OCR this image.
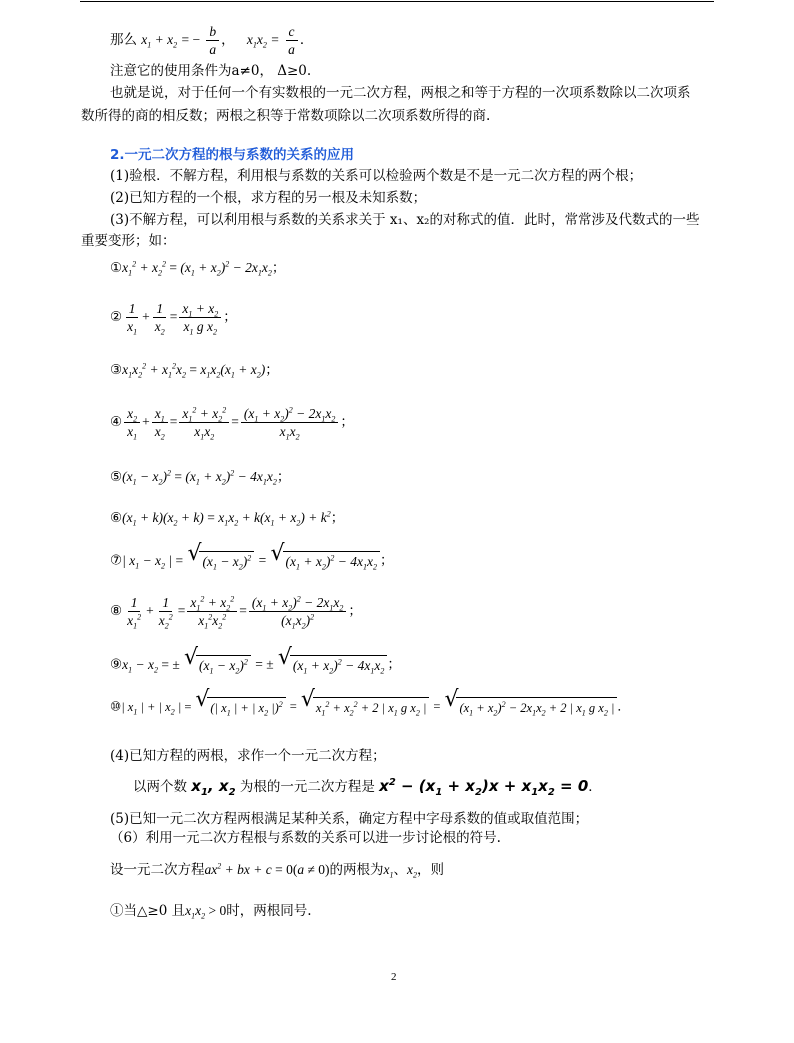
那么 $x_1 + x_2$ = − $\frac{b}{a}$ ， $x_1x_2 = \frac{c}{a}$ ．
注意它的使用条件为a≠0， Δ≥0.
也就是说，对于任何一个有实数根的一元二次方程，两根之和等于方程的一次项系数除以二次项系
数所得的商的相反数；两根之积等于常数项除以二次项系数所得的商.
2.一元二次方程的根与系数的关系的应用
(1)验根．不解方程，利用根与系数的关系可以检验两个数是不是一元二次方程的两个根；
(2)已知方程的一个根，求方程的另一根及未知系数；
(3)不解方程，可以利用根与系数的关系求关于 x₁、x₂的对称式的值．此时，常常涉及代数式的一些
重要变形；如：
$①x_1^2 + x_2^2 = (x_1 + x_2)^2 - 2x_1x_2$；
② $\frac{1}{x_1} + \frac{1}{x_2} = \frac{x_1 + x_2}{x_1 g x_2}$ ；
$③x_1x_2^2 + x_1^2x_2 = x_1x_2(x_1 + x_2)$；
④ $\frac{x_2}{x_1} + \frac{x_1}{x_2} = \frac{x_1^2 + x_2^2}{x_1x_2} = \frac{(x_1 + x_2)^2 - 2x_1x_2}{x_1x_2}$ ；
$⑤(x_1 - x_2)^2 = (x_1 + x_2)^2 - 4x_1x_2$；
$⑥(x_1 + k)(x_2 + k) = x_1x_2 + k(x_1 + x_2) + k^2$；
⑦| $x_1 - x_2$ | = √ $(x_1 - x_2)^2$ = √ $(x_1 + x_2)^2 - 4x_1x_2$ ；
⑧ $\frac{1}{x_1^2} + \frac{1}{x_2^2} = \frac{x_1^2 + x_2^2}{x_1^2x_2^2} = \frac{(x_1 + x_2)^2 - 2x_1x_2}{(x_1x_2)^2}$ ；
$⑨x_1 - x_2$ = ± √ $(x_1 - x_2)^2$ = ± √ $(x_1 + x_2)^2 - 4x_1x_2$ ；
⑩| $x_1$ | + | $x_2$ | = √ (| $x_1$ | + | $x_2$ |)$^2$ = √ $x_1^2 + x_2^2 + 2$ | $x_1$ g $x_2$ | = √ $(x_1 + x_2)^2 - 2x_1x_2 + 2$ | $x_1$ g $x_2$ | ．
(4)已知方程的两根，求作一个一元二次方程；
以两个数 $x_1$, $x_2$ 为根的一元二次方程是 $x^2 - (x_1 + x_2)x + x_1x_2 = 0$．
(5)已知一元二次方程两根满足某种关系，确定方程中字母系数的值或取值范围；
（6）利用一元二次方程根与系数的关系可以进一步讨论根的符号.
设一元二次方程$ax^2$ + bx + c = 0(a ≠ 0)的两根为$x_1$、$x_2$，则
①当△≥0 且$x_1x_2 > 0$时，两根同号.
2
